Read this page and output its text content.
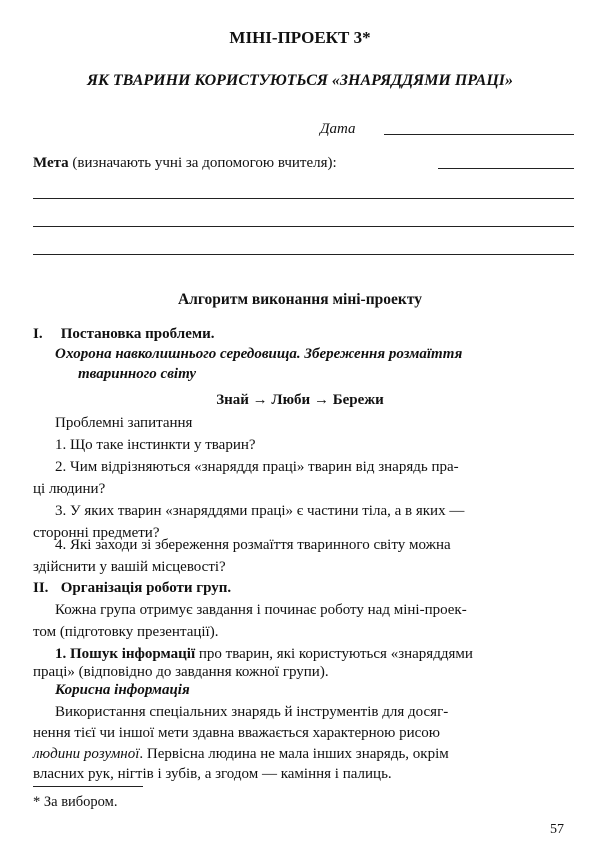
МІНІ-ПРОЕКТ 3*
ЯК ТВАРИНИ КОРИСТУЮТЬСЯ «ЗНАРЯДДЯМИ ПРАЦІ»
Дата
Мета (визначають учні за допомогою вчителя):
Алгоритм виконання міні-проекту
I. Постановка проблеми.
Охорона навколишнього середовища. Збереження розмаїття
тваринного світу
Знай → Люби → Бережи
Проблемні запитання
1. Що таке інстинкти у тварин?
2. Чим відрізняються «знаряддя праці» тварин від знарядь пра-
ці людини?
3. У яких тварин «знаряддями праці» є частини тіла, а в яких —
сторонні предмети?
4. Які заходи зі збереження розмаїття тваринного світу можна
здійснити у вашій місцевості?
II. Організація роботи груп.
Кожна група отримує завдання і починає роботу над міні-проек-
том (підготовку презентації).
1. Пошук інформації про тварин, які користуються «знаряддями
праці» (відповідно до завдання кожної групи).
Корисна інформація
Використання спеціальних знарядь й інструментів для досяг-
нення тієї чи іншої мети здавна вважається характерною рисою
людини розумної. Первісна людина не мала інших знарядь, окрім
власних рук, нігтів і зубів, а згодом — каміння і палиць.
* За вибором.
57
